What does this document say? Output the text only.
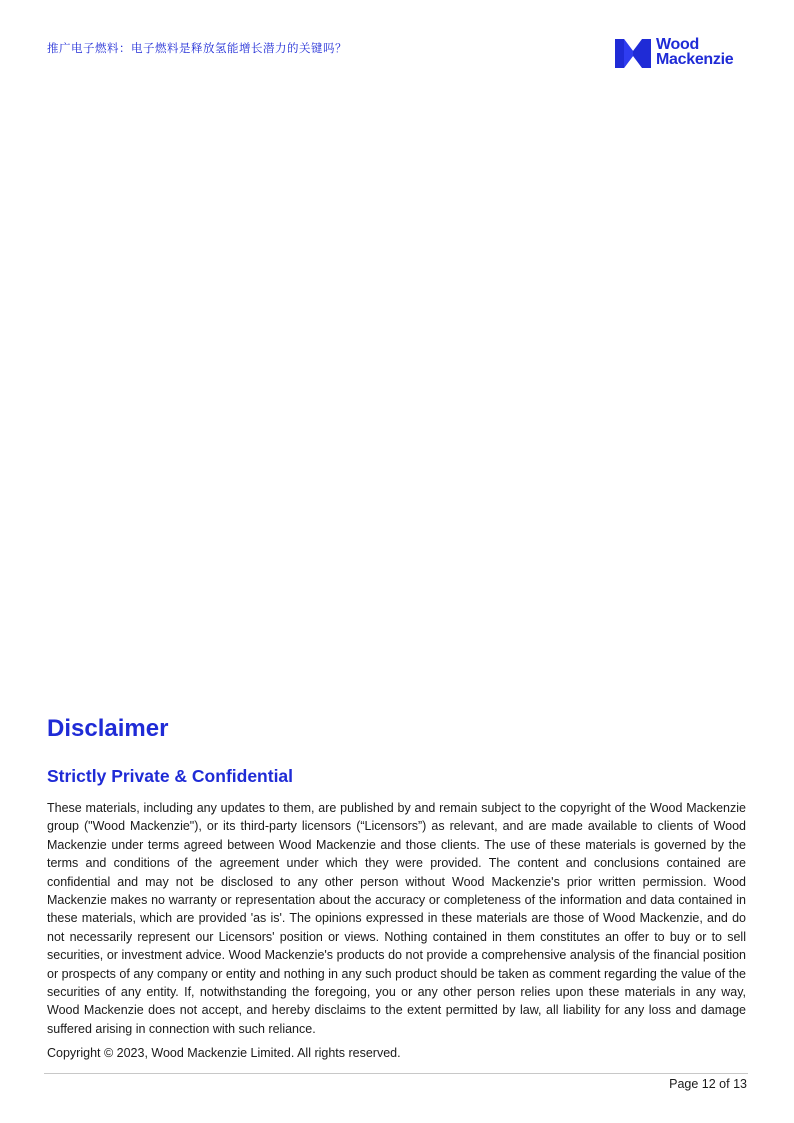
推广电子燃料：电子燃料是释放氢能增长潜力的关键吗？	Wood
Mackenzie
Disclaimer
Strictly Private & Confidential

These materials, including any updates to them, are published by and remain subject to the copyright of the Wood Mackenzie group ("Wood Mackenzie"), or its third-party licensors (“Licensors”) as relevant, and are made available to clients of Wood Mackenzie under terms agreed between Wood Mackenzie and those clients. The use of these materials is governed by the terms and conditions of the agreement under which they were provided. The content and conclusions contained are confidential and may not be disclosed to any other person without Wood Mackenzie's prior written permission. Wood Mackenzie makes no warranty or representation about the accuracy or completeness of the information and data contained in these materials, which are provided 'as is'. The opinions expressed in these materials are those of Wood Mackenzie, and do not necessarily represent our Licensors' position or views. Nothing contained in them constitutes an offer to buy or to sell securities, or investment advice. Wood Mackenzie's products do not provide a comprehensive analysis of the financial position or prospects of any company or entity and nothing in any such product should be taken as comment regarding the value of the securities of any entity. If, notwithstanding the foregoing, you or any other person relies upon these materials in any way, Wood Mackenzie does not accept, and hereby disclaims to the extent permitted by law, all liability for any loss and damage suffered arising in connection with such reliance.

Copyright © 2023, Wood Mackenzie Limited. All rights reserved.

Page 12 of 13
